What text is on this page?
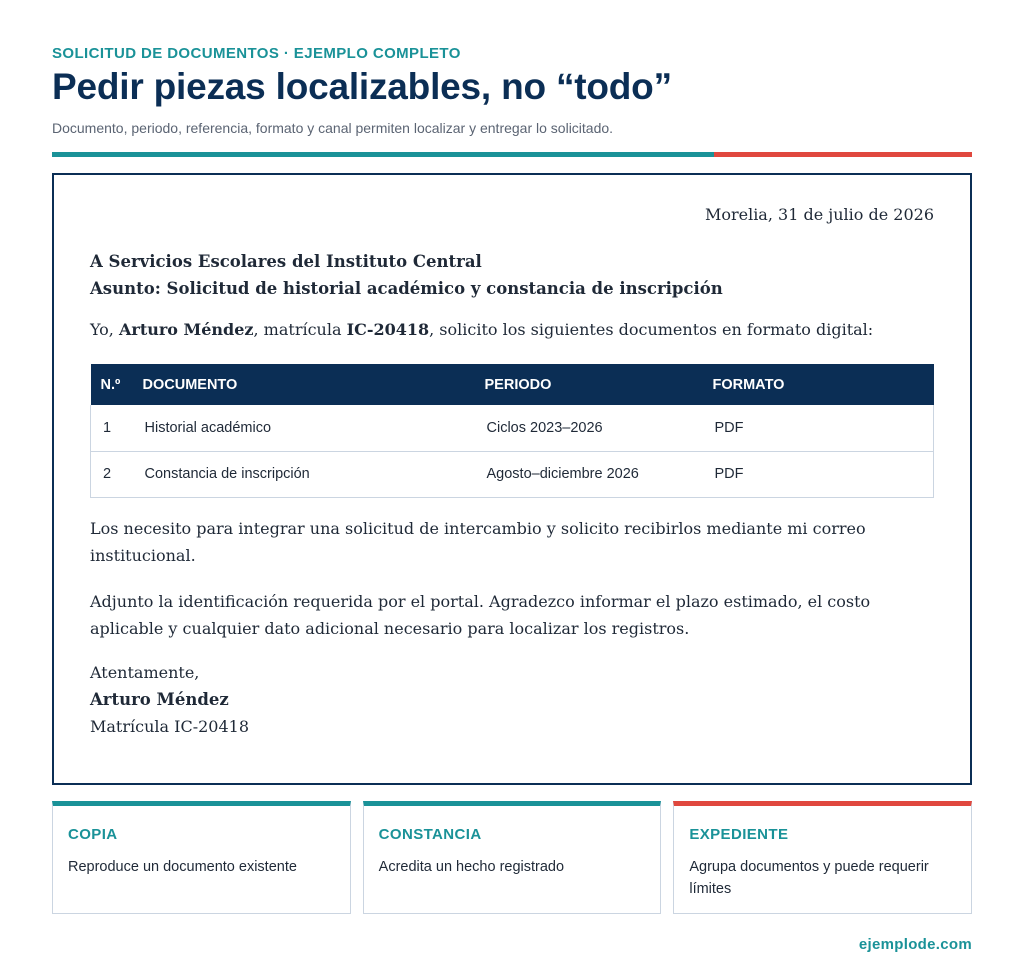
SOLICITUD DE DOCUMENTOS · EJEMPLO COMPLETO
Pedir piezas localizables, no “todo”
Documento, periodo, referencia, formato y canal permiten localizar y entregar lo solicitado.
Morelia, 31 de julio de 2026
A Servicios Escolares del Instituto Central
Asunto: Solicitud de historial académico y constancia de inscripción
Yo, Arturo Méndez, matrícula IC-20418, solicito los siguientes documentos en formato digital:
N.º	DOCUMENTO	PERIODO	FORMATO
1	Historial académico	Ciclos 2023–2026	PDF
2	Constancia de inscripción	Agosto–diciembre 2026	PDF

Los necesito para integrar una solicitud de intercambio y solicito recibirlos mediante mi correo institucional.

Adjunto la identificación requerida por el portal. Agradezco informar el plazo estimado, el costo aplicable y cualquier dato adicional necesario para localizar los registros.

Atentamente,
Arturo Méndez
Matrícula IC-20418
COPIA
Reproduce un documento existente
CONSTANCIA
Acredita un hecho registrado
EXPEDIENTE
Agrupa documentos y puede requerir límites
ejemplode.com
